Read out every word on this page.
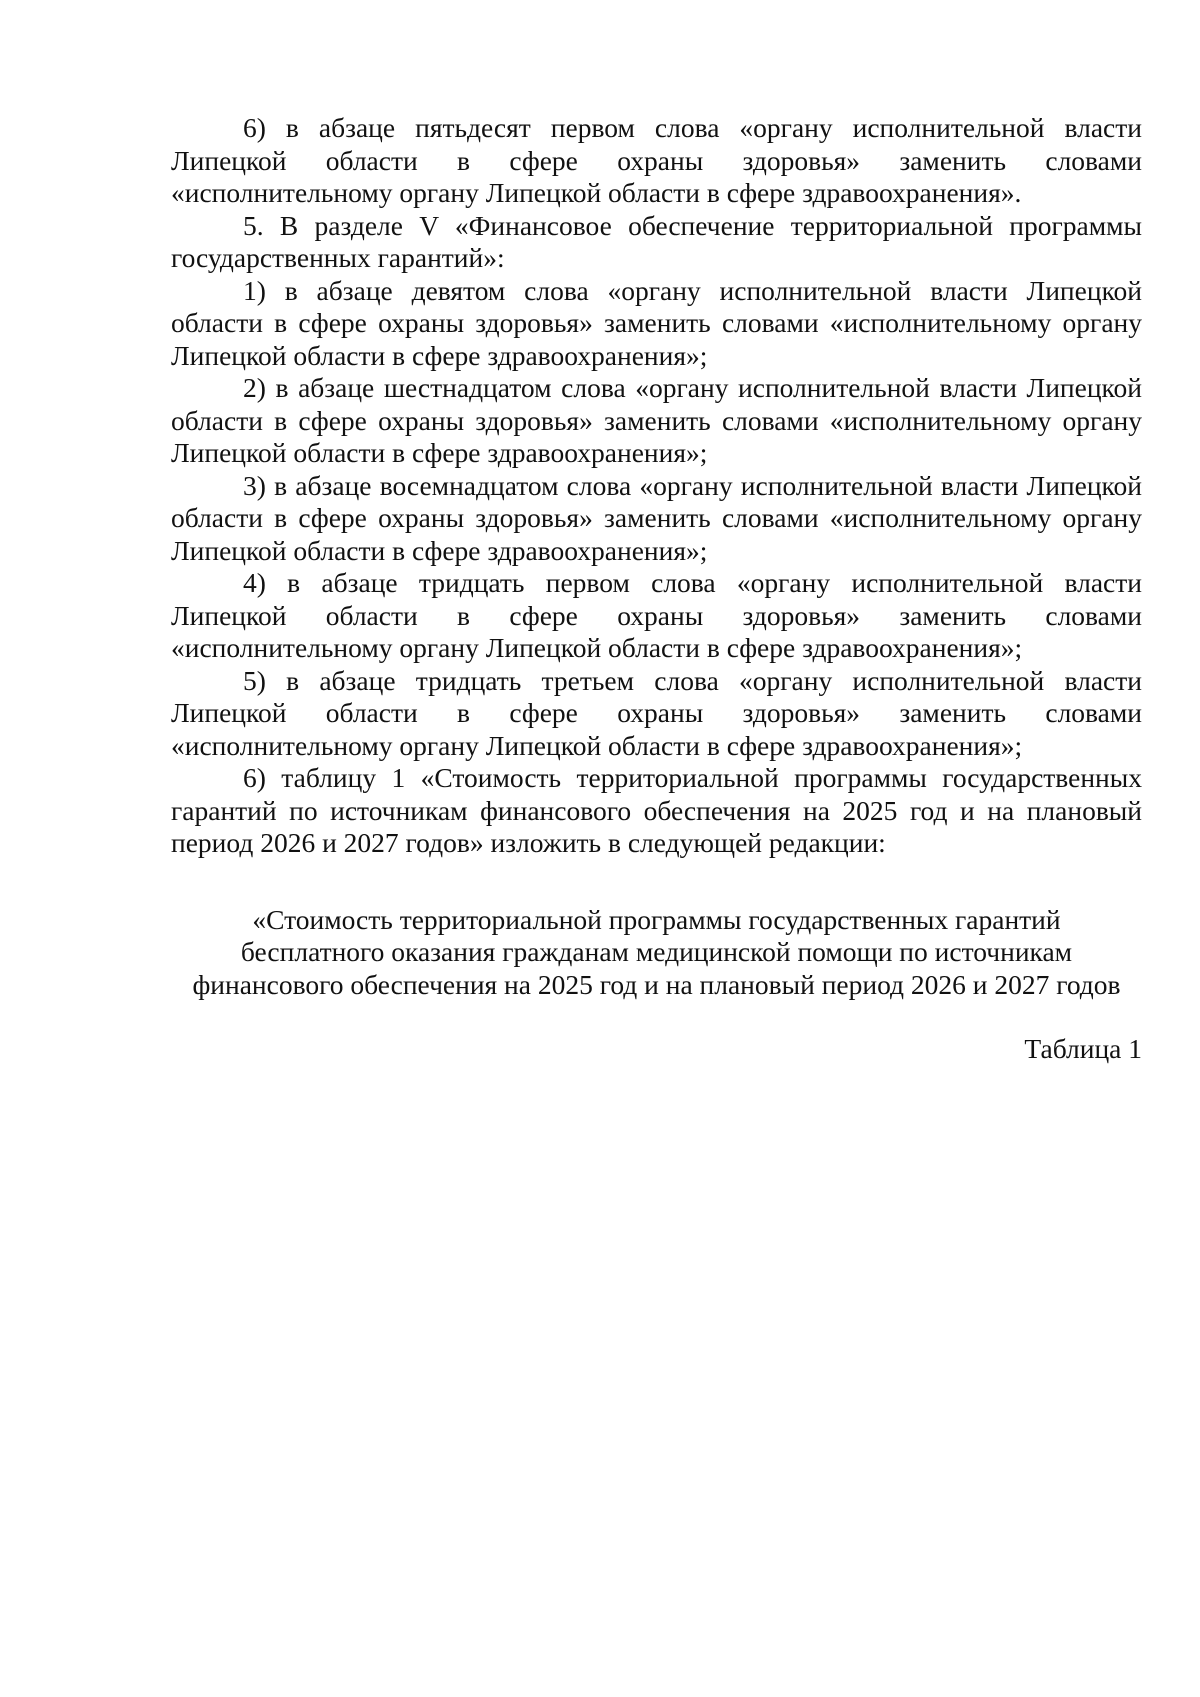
6) в абзаце пятьдесят первом слова «органу исполнительной власти Липецкой области в сфере охраны здоровья» заменить словами «исполнительному органу Липецкой области в сфере здравоохранения».

5. В разделе V «Финансовое обеспечение территориальной программы государственных гарантий»:

1) в абзаце девятом слова «органу исполнительной власти Липецкой области в сфере охраны здоровья» заменить словами «исполнительному органу Липецкой области в сфере здравоохранения»;

2) в абзаце шестнадцатом слова «органу исполнительной власти Липецкой области в сфере охраны здоровья» заменить словами «исполнительному органу Липецкой области в сфере здравоохранения»;

3) в абзаце восемнадцатом слова «органу исполнительной власти Липецкой области в сфере охраны здоровья» заменить словами «исполнительному органу Липецкой области в сфере здравоохранения»;

4) в абзаце тридцать первом слова «органу исполнительной власти Липецкой области в сфере охраны здоровья» заменить словами «исполнительному органу Липецкой области в сфере здравоохранения»;

5) в абзаце тридцать третьем слова «органу исполнительной власти Липецкой области в сфере охраны здоровья» заменить словами «исполнительному органу Липецкой области в сфере здравоохранения»;

6) таблицу 1 «Стоимость территориальной программы государственных гарантий по источникам финансового обеспечения на 2025 год и на плановый период 2026 и 2027 годов» изложить в следующей редакции:

«Стоимость территориальной программы государственных гарантий
бесплатного оказания гражданам медицинской помощи по источникам
финансового обеспечения на 2025 год и на плановый период 2026 и 2027 годов

Таблица 1
